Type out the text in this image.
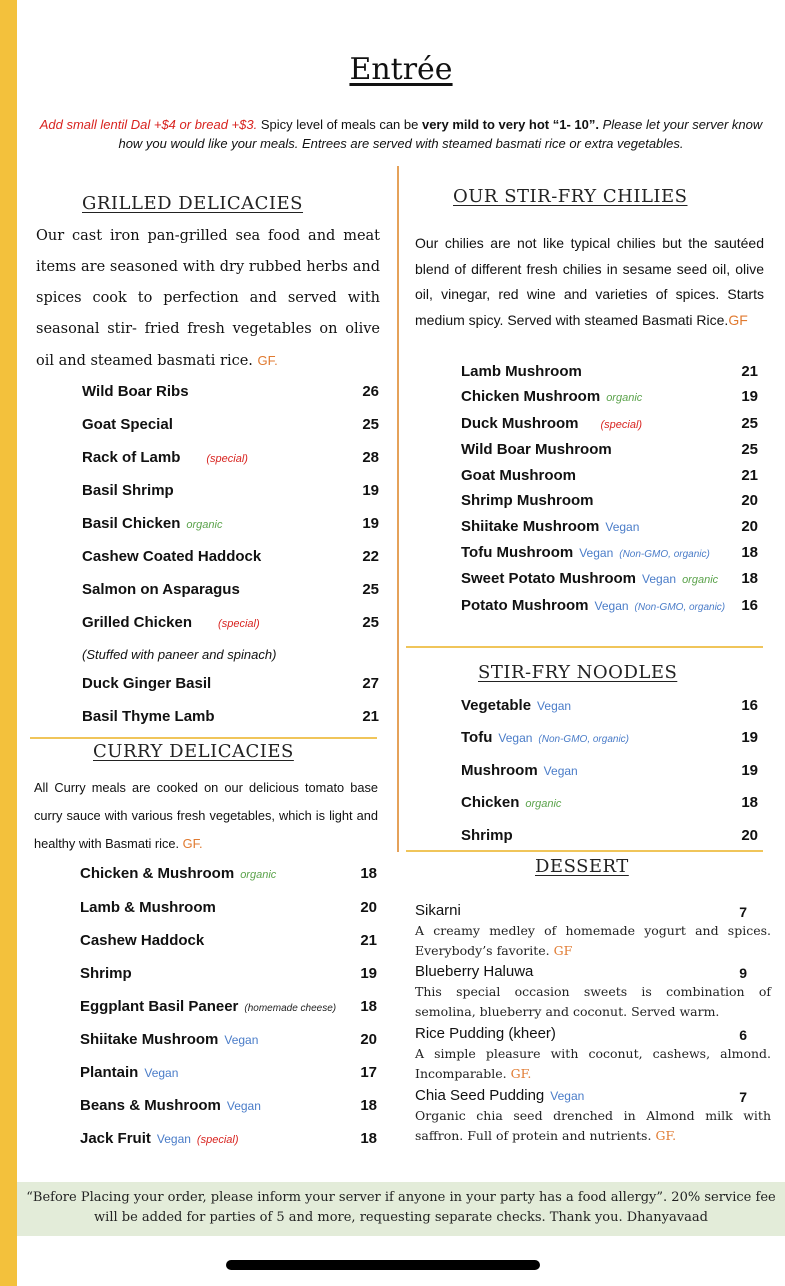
Entrée
Add small lentil Dal +$4 or bread +$3. Spicy level of meals can be very mild to very hot “1- 10”. Please let your server know how you would like your meals. Entrees are served with steamed basmati rice or extra vegetables.
GRILLED DELICACIES
Our cast iron pan-grilled sea food and meat items are seasoned with dry rubbed herbs and spices cook to perfection and served with seasonal stir- fried fresh vegetables on olive oil and steamed basmati rice. GF.
Wild Boar Ribs	26
Goat Special	25
Rack of Lamb (special)	28
Basil Shrimp	19
Basil Chicken organic	19
Cashew Coated Haddock	22
Salmon on Asparagus	25
Grilled Chicken (special)	25
Duck Ginger Basil	27
Basil Thyme Lamb	21
(Stuffed with paneer and spinach)
CURRY DELICACIES
All Curry meals are cooked on our delicious tomato base curry sauce with various fresh vegetables, which is light and healthy with Basmati rice. GF.
Chicken & Mushroom organic	18
Lamb & Mushroom	20
Cashew Haddock	21
Shrimp	19
Eggplant Basil Paneer (homemade cheese)	18
Shiitake Mushroom Vegan	20
Plantain Vegan	17
Beans & Mushroom Vegan	18
Jack Fruit Vegan (special)	18
OUR STIR-FRY CHILIES
Our chilies are not like typical chilies but the sautéed blend of different fresh chilies in sesame seed oil, olive oil, vinegar, red wine and varieties of spices. Starts medium spicy. Served with steamed Basmati Rice.GF
Lamb Mushroom	21
Chicken Mushroom organic	19
Duck Mushroom (special)	25
Wild Boar Mushroom	25
Goat Mushroom	21
Shrimp Mushroom	20
Shiitake Mushroom Vegan	20
Tofu Mushroom Vegan (Non-GMO, organic)	18
Sweet Potato Mushroom Vegan organic	18
Potato Mushroom Vegan (Non-GMO, organic)	16
STIR-FRY NOODLES
Vegetable Vegan	16
Tofu Vegan (Non-GMO, organic)	19
Mushroom Vegan	19
Chicken organic	18
Shrimp	20
DESSERT
Sikarni	7
A creamy medley of homemade yogurt and spices. Everybody’s favorite. GF
Blueberry Haluwa	9
This special occasion sweets is combination of semolina, blueberry and coconut. Served warm.
Rice Pudding (kheer)	6
A simple pleasure with coconut, cashews, almond. Incomparable. GF.
Chia Seed Pudding Vegan	7
Organic chia seed drenched in Almond milk with saffron. Full of protein and nutrients. GF.
“Before Placing your order, please inform your server if anyone in your party has a food allergy”. 20% service fee will be added for parties of 5 and more, requesting separate checks. Thank you. Dhanyavaad
